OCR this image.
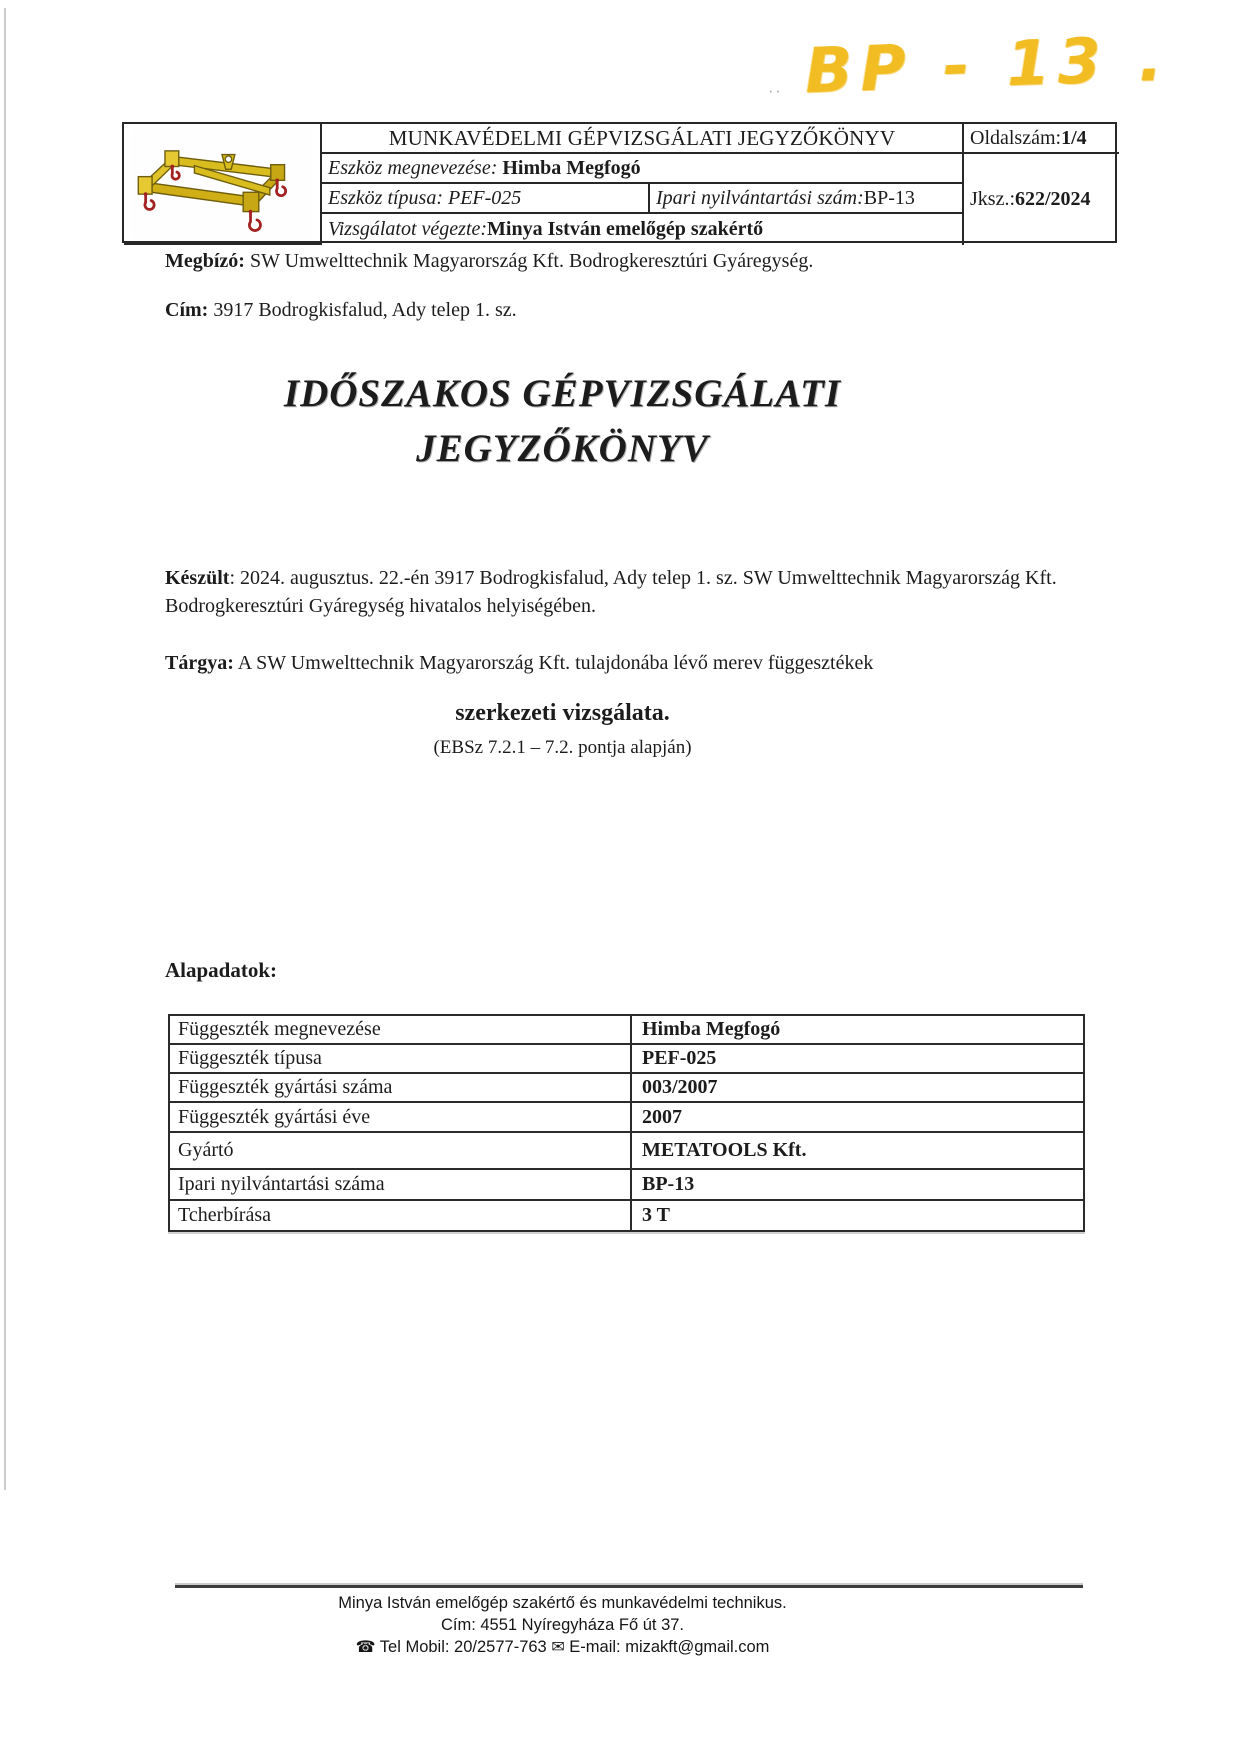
·· BP - 13 .
MUNKAVÉDELMI GÉPVIZSGÁLATI JEGYZŐKÖNYV	Oldalszám: 1/4
Eszköz megnevezése: Himba Megfogó
Jksz.: 622/2024
Eszköz típusa: PEF-025	Ipari nyilvántartási szám: BP-13
Vizsgálatot végezte: Minya István emelőgép szakértő
Megbízó: SW Umwelttechnik Magyarország Kft. Bodrogkeresztúri Gyáregység.
Cím: 3917 Bodrogkisfalud, Ady telep 1. sz.
IDŐSZAKOS GÉPVIZSGÁLATI
JEGYZŐKÖNYV
Készült: 2024. augusztus. 22.-én 3917 Bodrogkisfalud, Ady telep 1. sz. SW Umwelttechnik Magyarország Kft. Bodrogkeresztúri Gyáregység hivatalos helyiségében.
Tárgya: A SW Umwelttechnik Magyarország Kft. tulajdonába lévő merev függesztékek
szerkezeti vizsgálata.
(EBSz 7.2.1 – 7.2. pontja alapján)
Alapadatok:
Függeszték megnevezése	Himba Megfogó
Függeszték típusa	PEF-025
Függeszték gyártási száma	003/2007
Függeszték gyártási éve	2007
Gyártó	METATOOLS Kft.
Ipari nyilvántartási száma	BP-13
Tcherbírása	3 T
Minya István emelőgép szakértő és munkavédelmi technikus.
Cím: 4551 Nyíregyháza Fő út 37.
☎ Tel Mobil: 20/2577-763 ✉ E-mail: mizakft@gmail.com
